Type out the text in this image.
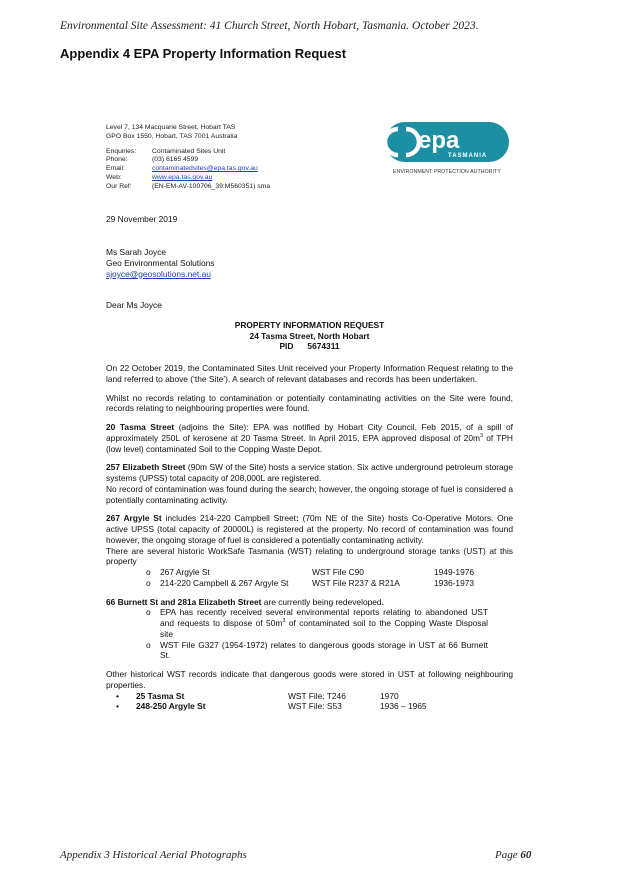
Environmental Site Assessment: 41 Church Street, North Hobart, Tasmania. October 2023.
Appendix 4 EPA Property Information Request
Level 7, 134 Macquarie Street, Hobart TAS
GPO Box 1550, Hobart, TAS 7001 Australia
Enquiries:	Contaminated Sites Unit
Phone:	(03) 6165 4599
Email:	contaminatedsites@epa.tas.gov.au
Web:	www.epa.tas.gov.au
Our Ref:	(EN-EM-AV-100706_39:M560351) sma
epa
TASMANIA
ENVIRONMENT PROTECTION AUTHORITY
29 November 2019
Ms Sarah Joyce
Geo Environmental Solutions
sjoyce@geosolutions.net.au
Dear Ms Joyce
PROPERTY INFORMATION REQUEST
24 Tasma Street, North Hobart
PID 5674311

On 22 October 2019, the Contaminated Sites Unit received your Property Information Request relating to the land referred to above (‘the Site’). A search of relevant databases and records has been undertaken.

Whilst no records relating to contamination or potentially contaminating activities on the Site were found, records relating to neighbouring properties were found.

20 Tasma Street (adjoins the Site): EPA was notified by Hobart City Council, Feb 2015, of a spill of approximately 250L of kerosene at 20 Tasma Street. In April 2015, EPA approved disposal of $20m^3$ of TPH (low level) contaminated Soil to the Copping Waste Depot.

257 Elizabeth Street (90m SW of the Site) hosts a service station. Six active underground petroleum storage systems (UPSS) total capacity of 208,000L are registered.
No record of contamination was found during the search; however, the ongoing storage of fuel is considered a potentially contaminating activity.

267 Argyle St includes 214-220 Campbell Street: (70m NE of the Site) hosts Co-Operative Motors. One active UPSS (total capacity of 20000L) is registered at the property. No record of contamination was found however, the ongoing storage of fuel is considered a potentially contaminating activity.
There are several historic WorkSafe Tasmania (WST) relating to underground storage tanks (UST) at this property

o	267 Argyle St	WST File C90	1949-1976
o	214-220 Campbell & 267 Argyle St	WST File R237 & R21A	1936-1973

66 Burnett St and 281a Elizabeth Street are currently being redeveloped.

o	EPA has recently received several environmental reports relating to abandoned UST and requests to dispose of $50m^3$ of contaminated soil to the Copping Waste Disposal site
o	WST File G327 (1954-1972) relates to dangerous goods storage in UST at 66 Burnett St.

Other historical WST records indicate that dangerous goods were stored in UST at following neighbouring properties.

•	25 Tasma St	WST File: T246	1970
•	248-250 Argyle St	WST File: S53	1936 – 1965
Appendix 3 Historical Aerial Photographs	Page 60
